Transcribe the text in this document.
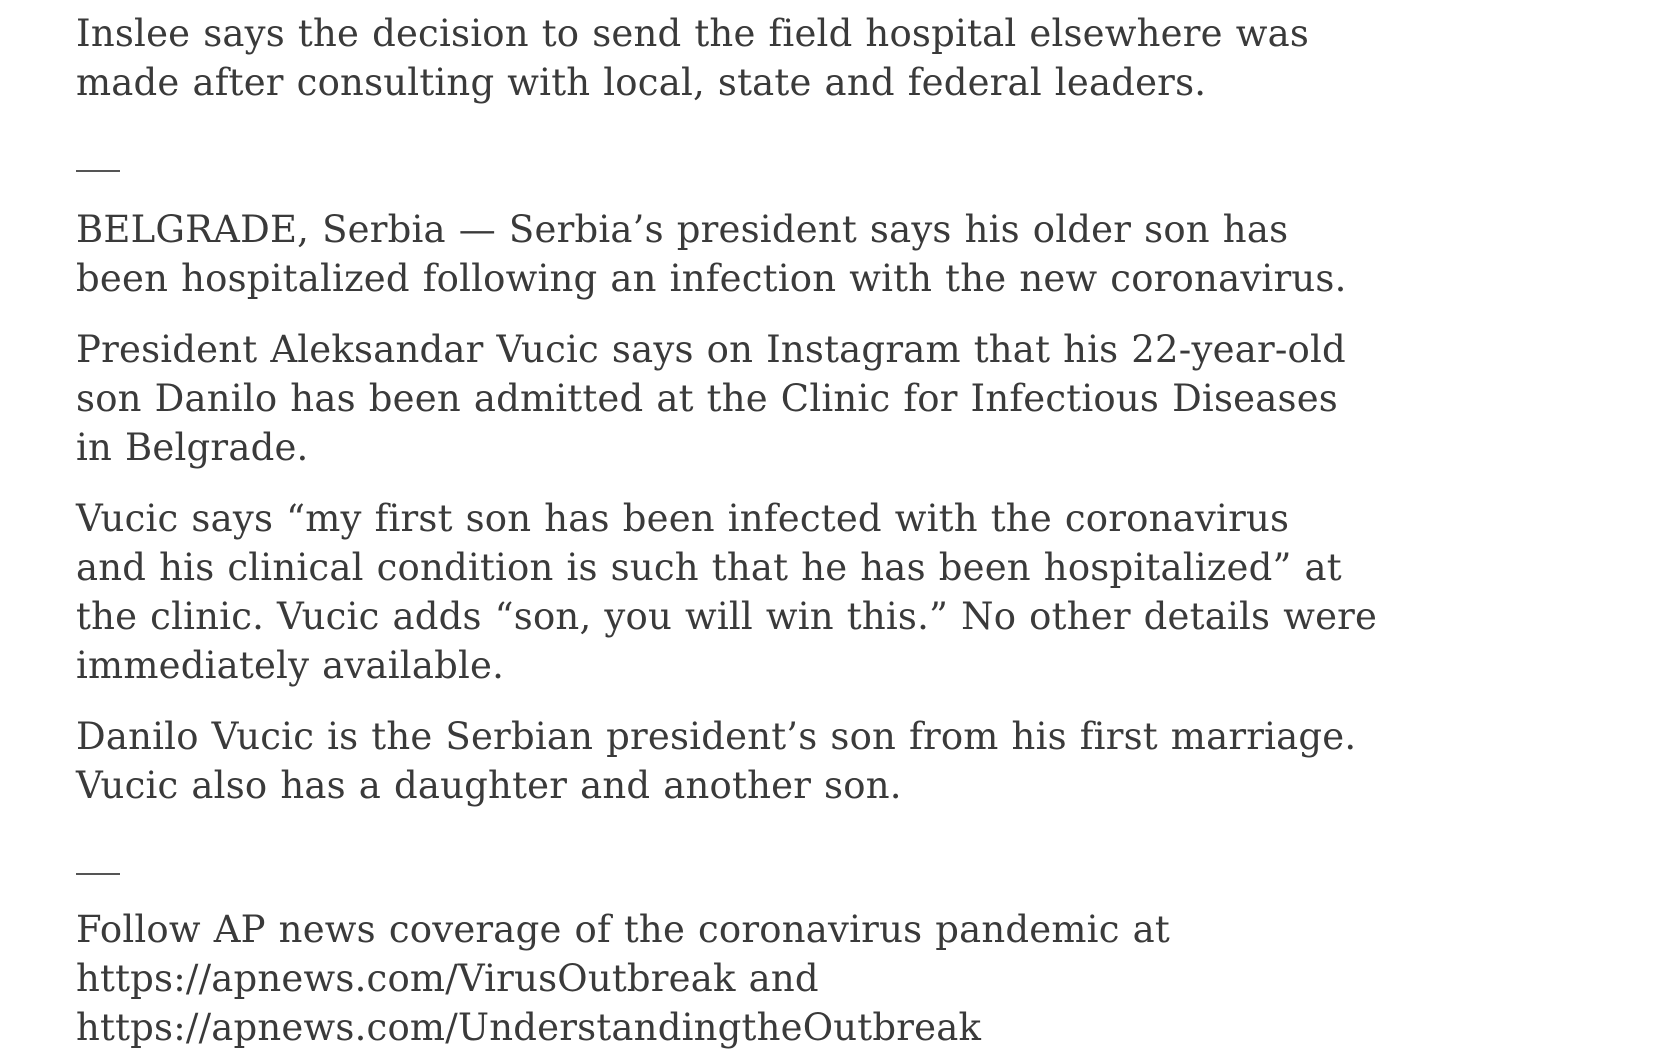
Inslee says the decision to send the field hospital elsewhere was
made after consulting with local, state and federal leaders.

BELGRADE, Serbia — Serbia’s president says his older son has
been hospitalized following an infection with the new coronavirus.

President Aleksandar Vucic says on Instagram that his 22-year-old
son Danilo has been admitted at the Clinic for Infectious Diseases
in Belgrade.

Vucic says “my first son has been infected with the coronavirus
and his clinical condition is such that he has been hospitalized” at
the clinic. Vucic adds “son, you will win this.” No other details were
immediately available.

Danilo Vucic is the Serbian president’s son from his first marriage.
Vucic also has a daughter and another son.

Follow AP news coverage of the coronavirus pandemic at
https://apnews.com/VirusOutbreak and
https://apnews.com/UnderstandingtheOutbreak
